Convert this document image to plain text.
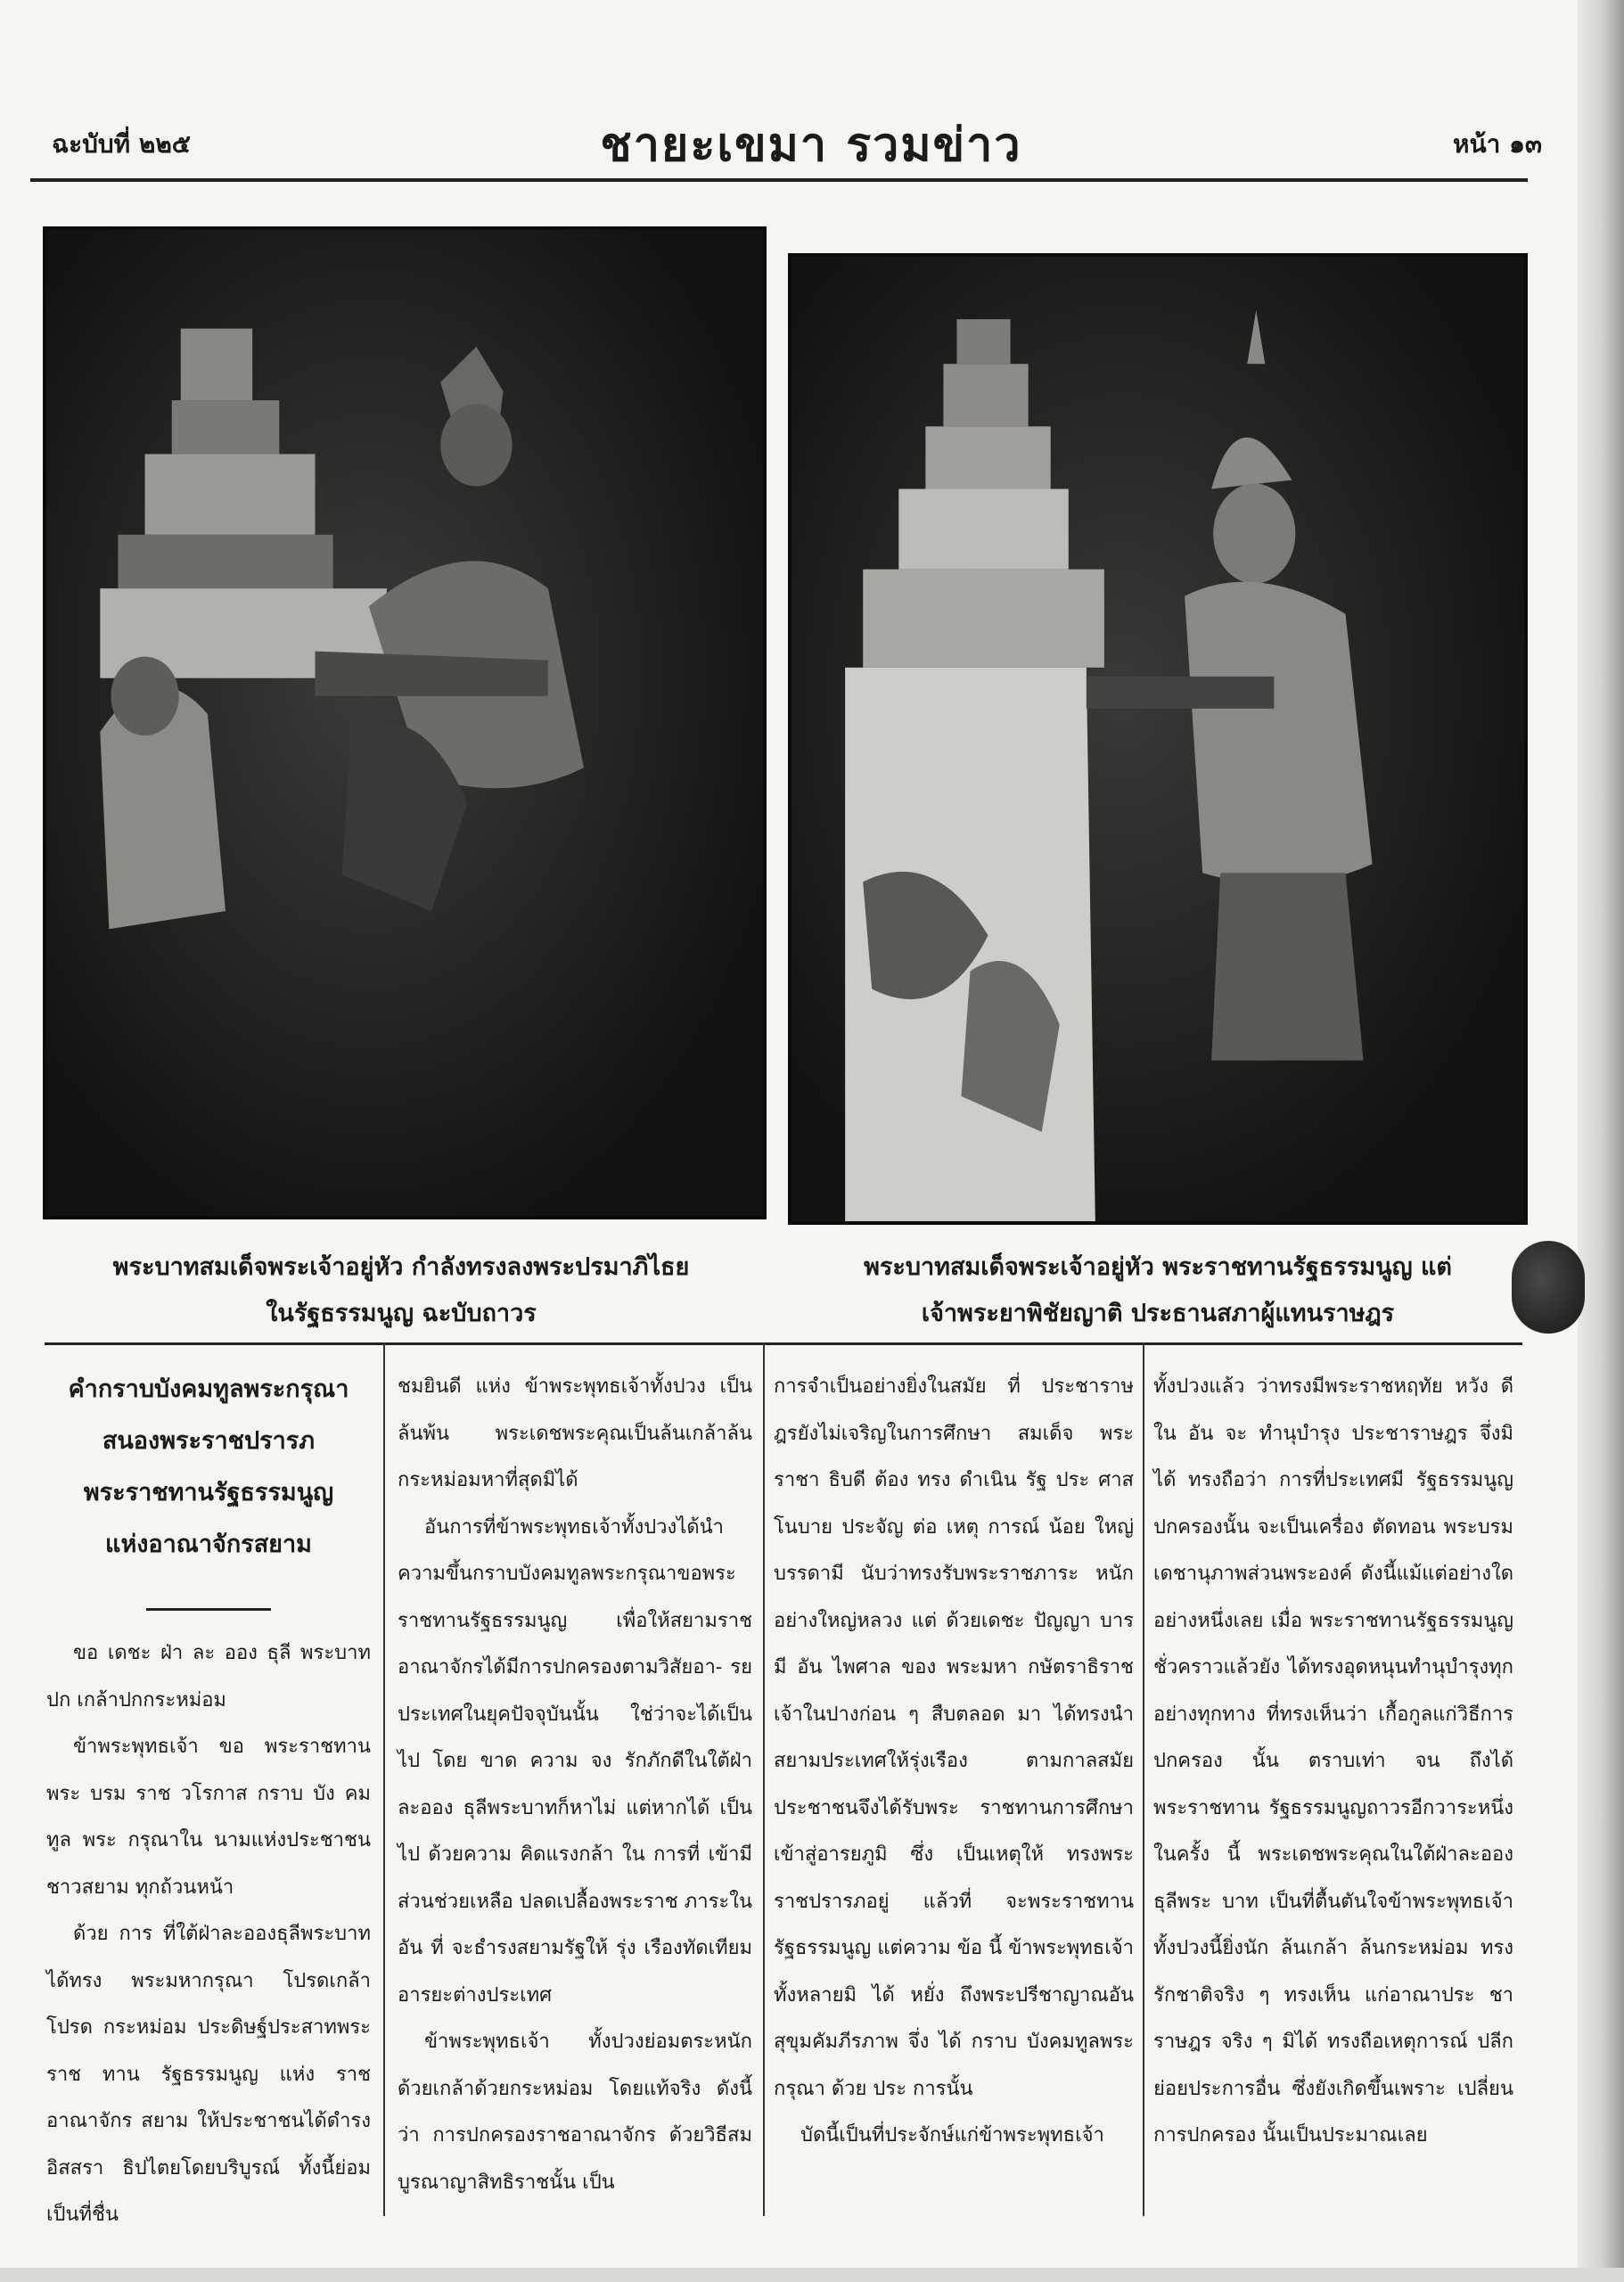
ฉะบับที่ ๒๒๕	ชายะเขมา รวมข่าว	หน้า ๑๓
พระบาทสมเด็จพระเจ้าอยู่หัว กำลังทรงลงพระปรมาภิไธย
ในรัฐธรรมนูญ ฉะบับถาวร
พระบาทสมเด็จพระเจ้าอยู่หัว พระราชทานรัฐธรรมนูญ แต่
เจ้าพระยาพิชัยญาติ ประธานสภาผู้แทนราษฎร

คำกราบบังคมทูลพระกรุณา

สนองพระราชปรารภ

พระราชทานรัฐธรรมนูญ

แห่งอาณาจักรสยาม

ขอ เดชะ ฝ่า ละ ออง ธุลี พระบาท ปก เกล้าปกกระหม่อม

ข้าพระพุทธเจ้า ขอ พระราชทานพระ บรม ราช วโรกาส กราบ บัง คม ทูล พระ กรุณาใน นามแห่งประชาชน ชาวสยาม ทุกถ้วนหน้า

ด้วย การ ที่ใต้ฝ่าละอองธุลีพระบาท ได้ทรง พระมหากรุณา โปรดเกล้าโปรด กระหม่อม ประดิษฐ์ประสาทพระราช ทาน รัฐธรรมนูญ แห่ง ราช อาณาจักร สยาม ให้ประชาชนได้ดำรงอิสสรา ธิปไตยโดยบริบูรณ์ ทั้งนี้ย่อมเป็นที่ชื่น

ชมยินดี แห่ง ข้าพระพุทธเจ้าทั้งปวง เป็น ล้นพ้น พระเดชพระคุณเป็นล้นเกล้าล้น กระหม่อมหาที่สุดมิได้

อันการที่ข้าพระพุทธเจ้าทั้งปวงได้นำ ความขึ้นกราบบังคมทูลพระกรุณาขอพระ ราชทานรัฐธรรมนูญ เพื่อให้สยามราช อาณาจักรได้มีการปกครองตามวิสัยอา- รยประเทศในยุคปัจจุบันนั้น ใช่ว่าจะได้เป็น ไป โดย ขาด ความ จง รักภักดีในใต้ฝ่า ละออง ธุลีพระบาทก็หาไม่ แต่หากได้ เป็น ไป ด้วยความ คิดแรงกล้า ใน การที่ เข้ามีส่วนช่วยเหลือ ปลดเปลื้องพระราช ภาระใน อัน ที่ จะธำรงสยามรัฐให้ รุ่ง เรืองทัดเทียมอารยะต่างประเทศ

ข้าพระพุทธเจ้า ทั้งปวงย่อมตระหนัก ด้วยเกล้าด้วยกระหม่อม โดยแท้จริง ดังนี้ว่า การปกครองราชอาณาจักร ด้วยวิธีสมบูรณาญาสิทธิราชนั้น เป็น

การจำเป็นอย่างยิ่งในสมัย ที่ ประชาราษ ฎรยังไม่เจริญในการศึกษา สมเด็จ พระ ราชา ธิบดี ต้อง ทรง ดำเนิน รัฐ ประ ศาสโนบาย ประจัญ ต่อ เหตุ การณ์ น้อย ใหญ่บรรดามี นับว่าทรงรับพระราชภาระ หนักอย่างใหญ่หลวง แต่ ด้วยเดชะ ปัญญา บาร มี อัน ไพศาล ของ พระมหา กษัตราธิราชเจ้าในปางก่อน ๆ สืบตลอด มา ได้ทรงนำสยามประเทศให้รุ่งเรือง ตามกาลสมัย ประชาชนจึงได้รับพระ ราชทานการศึกษาเข้าสู่อารยภูมิ ซึ่ง เป็นเหตุให้ ทรงพระราชปรารภอยู่ แล้วที่ จะพระราชทานรัฐธรรมนูญ แต่ความ ข้อ นี้ ข้าพระพุทธเจ้า ทั้งหลายมิ ได้ หยั่ง ถึงพระปรีชาญาณอันสุขุมคัมภีรภาพ จึ่ง ได้ กราบ บังคมทูลพระกรุณา ด้วย ประ การนั้น

บัดนี้เป็นที่ประจักษ์แก่ข้าพระพุทธเจ้า

ทั้งปวงแล้ว ว่าทรงมีพระราชหฤทัย หวัง ดี ใน อัน จะ ทำนุบำรุง ประชาราษฎร จึ่งมิ ได้ ทรงถือว่า การที่ประเทศมี รัฐธรรมนูญปกครองนั้น จะเป็นเครื่อง ตัดทอน พระบรมเดชานุภาพส่วนพระองค์ ดังนี้แม้แต่อย่างใดอย่างหนึ่งเลย เมื่อ พระราชทานรัฐธรรมนูญชั่วคราวแล้วยัง ได้ทรงอุดหนุนทำนุบำรุงทุกอย่างทุกทาง ที่ทรงเห็นว่า เกื้อกูลแก่วิธีการปกครอง นั้น ตราบเท่า จน ถึงได้ พระราชทาน รัฐธรรมนูญถาวรอีกวาระหนึ่ง ในครั้ง นี้ พระเดชพระคุณในใต้ฝ่าละอองธุลีพระ บาท เป็นที่ตื้นตันใจข้าพระพุทธเจ้า ทั้งปวงนี้ยิ่งนัก ล้นเกล้า ล้นกระหม่อม ทรงรักชาติจริง ๆ ทรงเห็น แก่อาณาประ ชาราษฎร จริง ๆ มิได้ ทรงถือเหตุการณ์ ปลีกย่อยประการอื่น ซึ่งยังเกิดขึ้นเพราะ เปลี่ยนการปกครอง นั้นเป็นประมาณเลย
